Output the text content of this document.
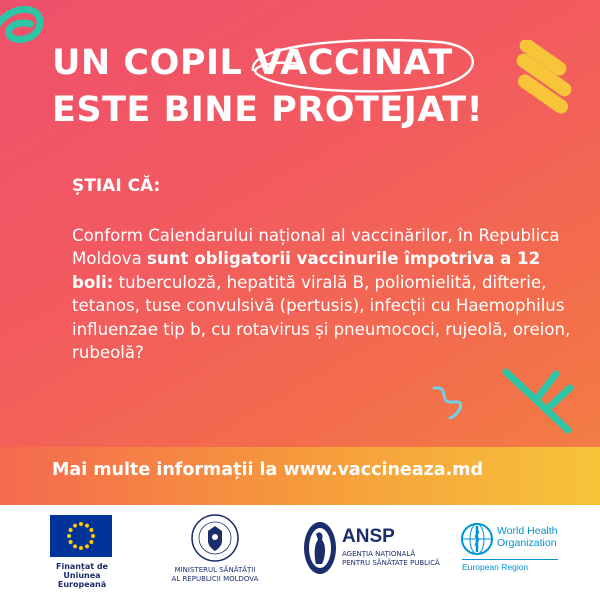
UN COPIL VACCINAT

ESTE BINE PROTEJAT!
ȘTIAI CĂ:
Conform Calendarului național al vaccinărilor, în Republica Moldova sunt obligatorii vaccinurile împotriva a 12 boli: tuberculoză, hepatită virală B, poliomielită, difterie, tetanos, tuse convulsivă (pertusis), infecții cu Haemophilus influenzae tip b, cu rotavirus și pneumococi, rujeolă, oreion, rubeolă?
Mai multe informații la www.vaccineaza.md
Finanțat de
Uniunea Europeană
MINISTERUL SĂNĂTĂȚII
AL REPUBLICII MOLDOVA
ANSP
AGENȚIA NAȚIONALĂ
PENTRU SĂNĂTATE PUBLICĂ
World Health
Organization
European Region
